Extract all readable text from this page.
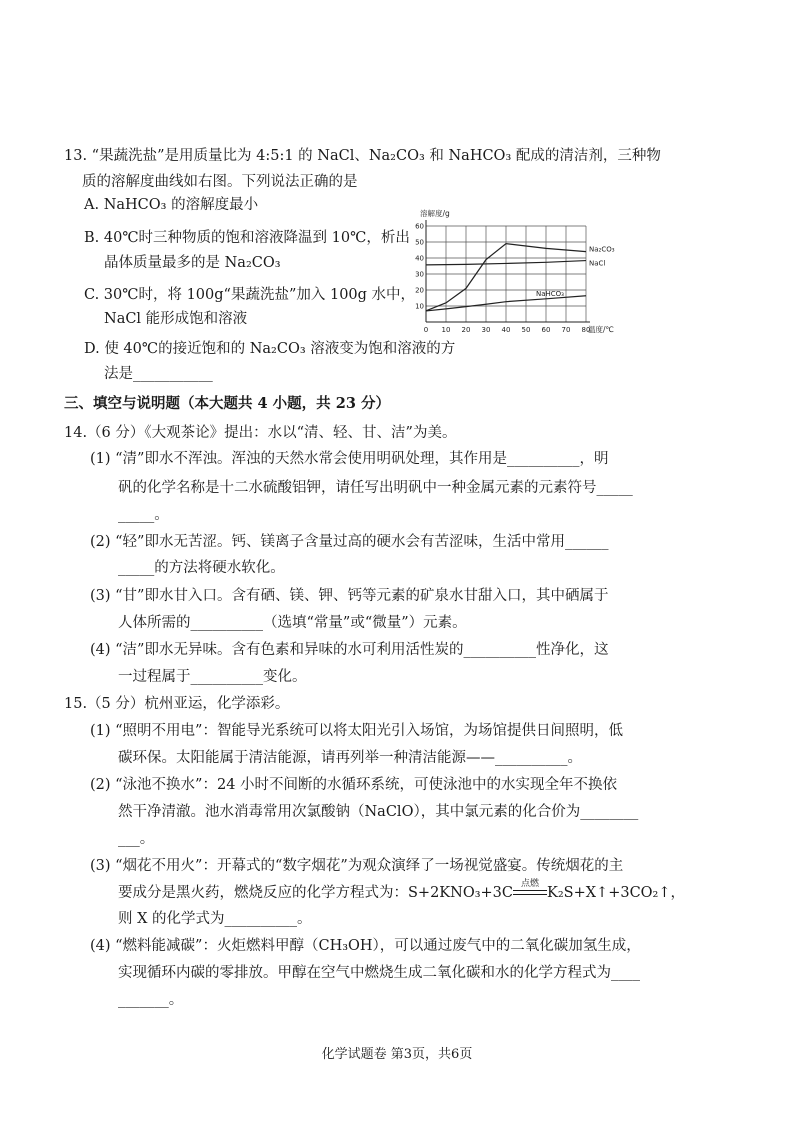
13. “果蔬洗盐”是用质量比为 4:5:1 的 NaCl、Na₂CO₃ 和 NaHCO₃ 配成的清洁剂，三种物
质的溶解度曲线如右图。下列说法正确的是
A. NaHCO₃ 的溶解度最小
B. 40℃时三种物质的饱和溶液降温到 10℃，析出
晶体质量最多的是 Na₂CO₃
C. 30℃时，将 100g“果蔬洗盐”加入 100g 水中，
NaCl 能形成饱和溶液
D. 使 40℃的接近饱和的 Na₂CO₃ 溶液变为饱和溶液的方
法是___________
0 10 20 30 40 50 60 70 80
10
20
30
40
50
60
溶解度/g
温度/℃
Na₂CO₃
NaCl
NaHCO₃
三、填空与说明题（本大题共 4 小题，共 23 分）
14.（6 分）《大观茶论》提出：水以“清、轻、甘、洁”为美。
(1) “清”即水不浑浊。浑浊的天然水常会使用明矾处理，其作用是__________，明
矾的化学名称是十二水硫酸铝钾，请任写出明矾中一种金属元素的元素符号_____
_____。
(2) “轻”即水无苦涩。钙、镁离子含量过高的硬水会有苦涩味，生活中常用______
_____的方法将硬水软化。
(3) “甘”即水甘入口。含有硒、镁、钾、钙等元素的矿泉水甘甜入口，其中硒属于
人体所需的__________（选填“常量”或“微量”）元素。
(4) “洁”即水无异味。含有色素和异味的水可利用活性炭的__________性净化，这
一过程属于__________变化。
15.（5 分）杭州亚运，化学添彩。
(1) “照明不用电”：智能导光系统可以将太阳光引入场馆，为场馆提供日间照明，低
碳环保。太阳能属于清洁能源，请再列举一种清洁能源——__________。
(2) “泳池不换水”：24 小时不间断的水循环系统，可使泳池中的水实现全年不换依
然干净清澈。池水消毒常用次氯酸钠（NaClO），其中氯元素的化合价为________
___。
(3) “烟花不用火”：开幕式的“数字烟花”为观众演绎了一场视觉盛宴。传统烟花的主
要成分是黑火药，燃烧反应的化学方程式为：S+2KNO₃+3C
点燃
K₂S+X↑+3CO₂↑，
则 X 的化学式为__________。
(4) “燃料能减碳”：火炬燃料甲醇（CH₃OH），可以通过废气中的二氧化碳加氢生成，
实现循环内碳的零排放。甲醇在空气中燃烧生成二氧化碳和水的化学方程式为____
_______。
化学试题卷 第3页，共6页
